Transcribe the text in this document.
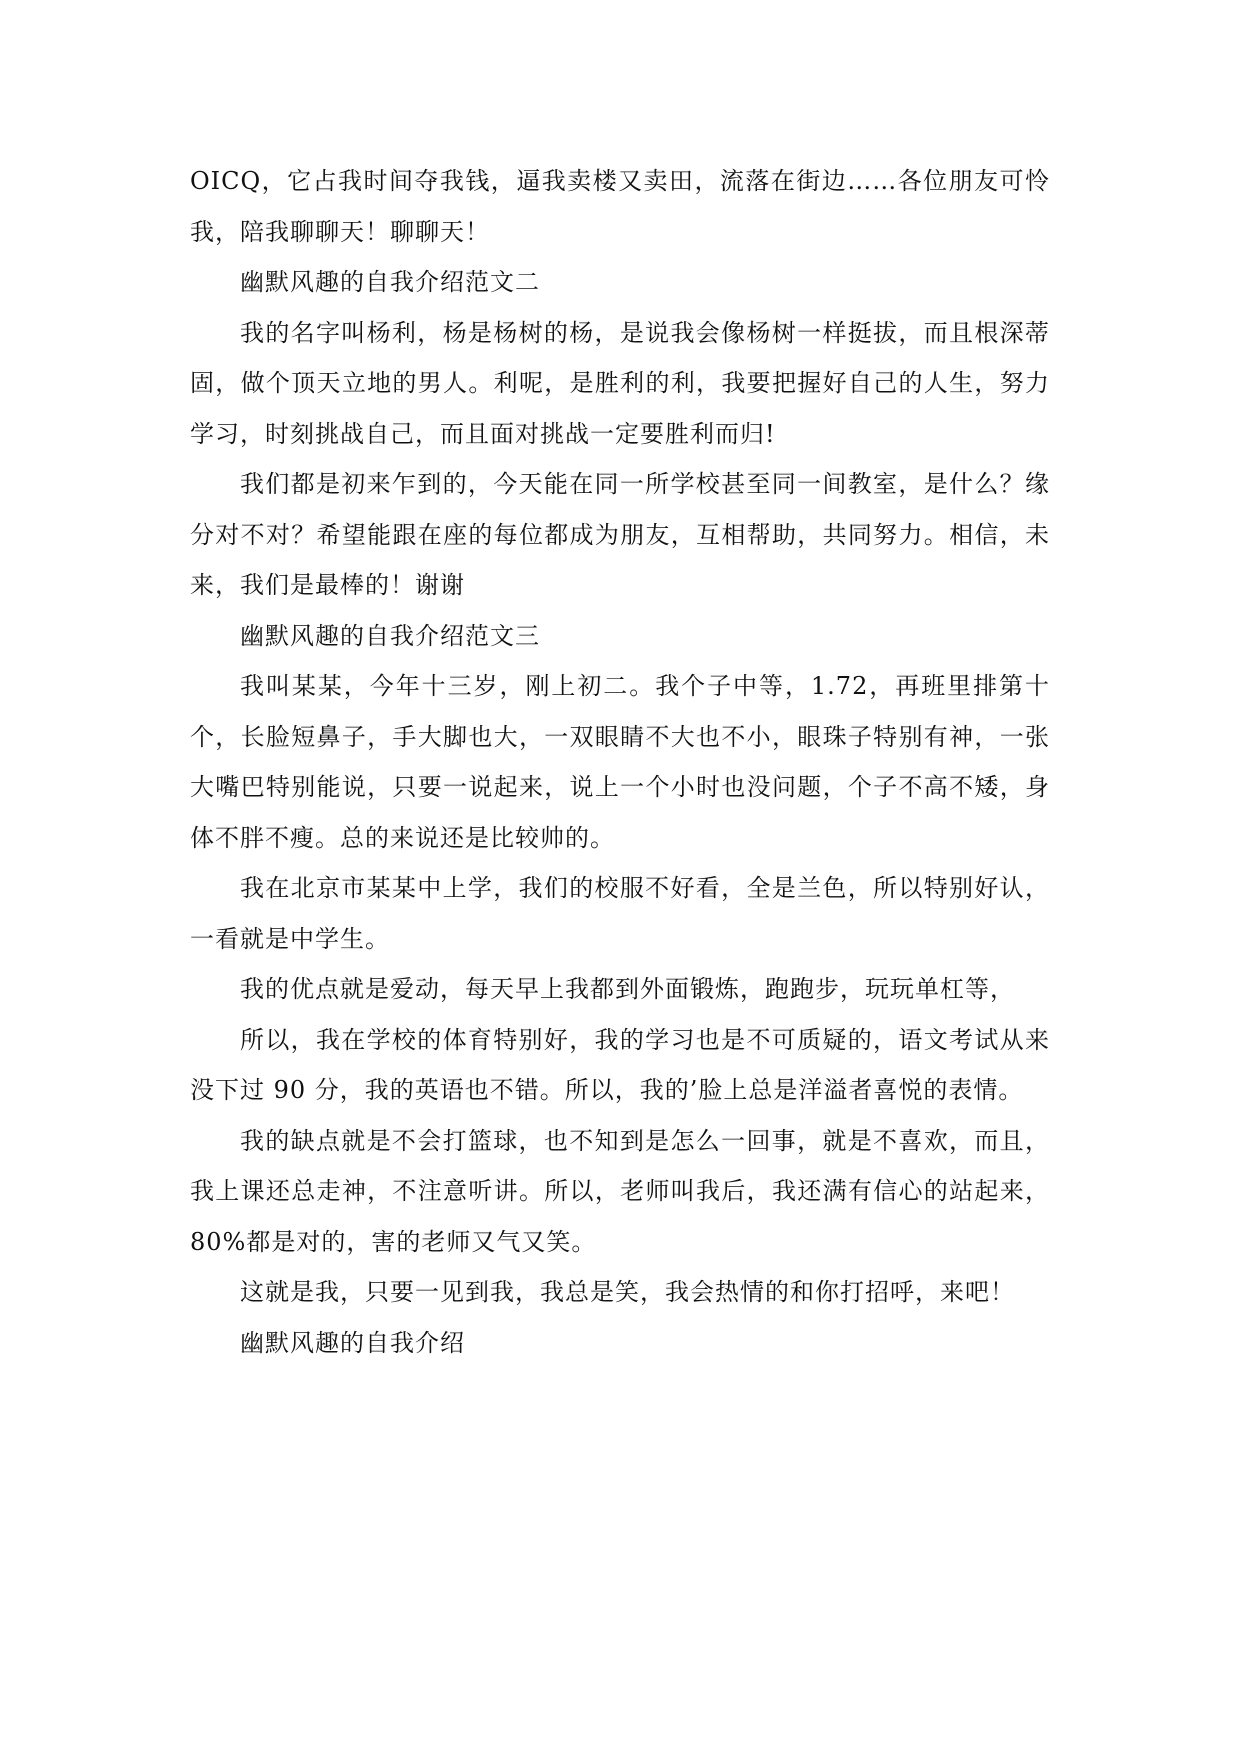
OICQ，它占我时间夺我钱，逼我卖楼又卖田，流落在街边……各位朋友可怜我，陪我聊聊天！聊聊天！

幽默风趣的自我介绍范文二

我的名字叫杨利，杨是杨树的杨，是说我会像杨树一样挺拔，而且根深蒂固，做个顶天立地的男人。利呢，是胜利的利，我要把握好自己的人生，努力学习，时刻挑战自己，而且面对挑战一定要胜利而归!

我们都是初来乍到的，今天能在同一所学校甚至同一间教室，是什么？缘分对不对？希望能跟在座的每位都成为朋友，互相帮助，共同努力。相信，未来，我们是最棒的！谢谢

幽默风趣的自我介绍范文三

我叫某某，今年十三岁，刚上初二。我个子中等，1.72，再班里排第十个，长脸短鼻子，手大脚也大，一双眼睛不大也不小，眼珠子特别有神，一张大嘴巴特别能说，只要一说起来，说上一个小时也没问题，个子不高不矮，身体不胖不瘦。总的来说还是比较帅的。

我在北京市某某中上学，我们的校服不好看，全是兰色，所以特别好认，一看就是中学生。

我的优点就是爱动，每天早上我都到外面锻炼，跑跑步，玩玩单杠等，

所以，我在学校的体育特别好，我的学习也是不可质疑的，语文考试从来没下过 90 分，我的英语也不错。所以，我的’脸上总是洋溢者喜悦的表情。

我的缺点就是不会打篮球，也不知到是怎么一回事，就是不喜欢，而且，我上课还总走神，不注意听讲。所以，老师叫我后，我还满有信心的站起来，80%都是对的，害的老师又气又笑。

这就是我，只要一见到我，我总是笑，我会热情的和你打招呼，来吧！

幽默风趣的自我介绍
